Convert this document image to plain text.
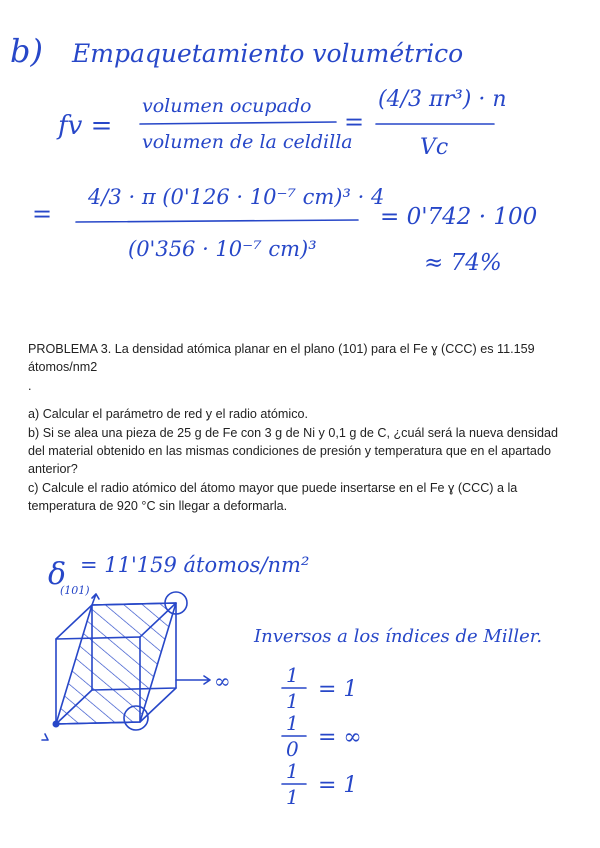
b) Empaquetamiento volumétrico
fv =
volumen ocupado
volumen de la celdilla
=
(4/3 πr³) · n
Vc
=
4/3 · π (0'126 · 10⁻⁷ cm)³ · 4
(0'356 · 10⁻⁷ cm)³
= 0'742 · 100
≈ 74%
δ
(101)
= 11'159 átomos/nm²
∞
Inversos a los índices de Miller.
1
1 = 1
1
0 = ∞
1
1 = 1

PROBLEMA 3. La densidad atómica planar en el plano (101) para el Fe ɣ (CCC) es 11.159 átomos/nm2

.

a) Calcular el parámetro de red y el radio atómico.

b) Si se alea una pieza de 25 g de Fe con 3 g de Ni y 0,1 g de C, ¿cuál será la nueva densidad del material obtenido en las mismas condiciones de presión y temperatura que en el apartado anterior?

c) Calcule el radio atómico del átomo mayor que puede insertarse en el Fe ɣ (CCC) a la temperatura de 920 °C sin llegar a deformarla.
